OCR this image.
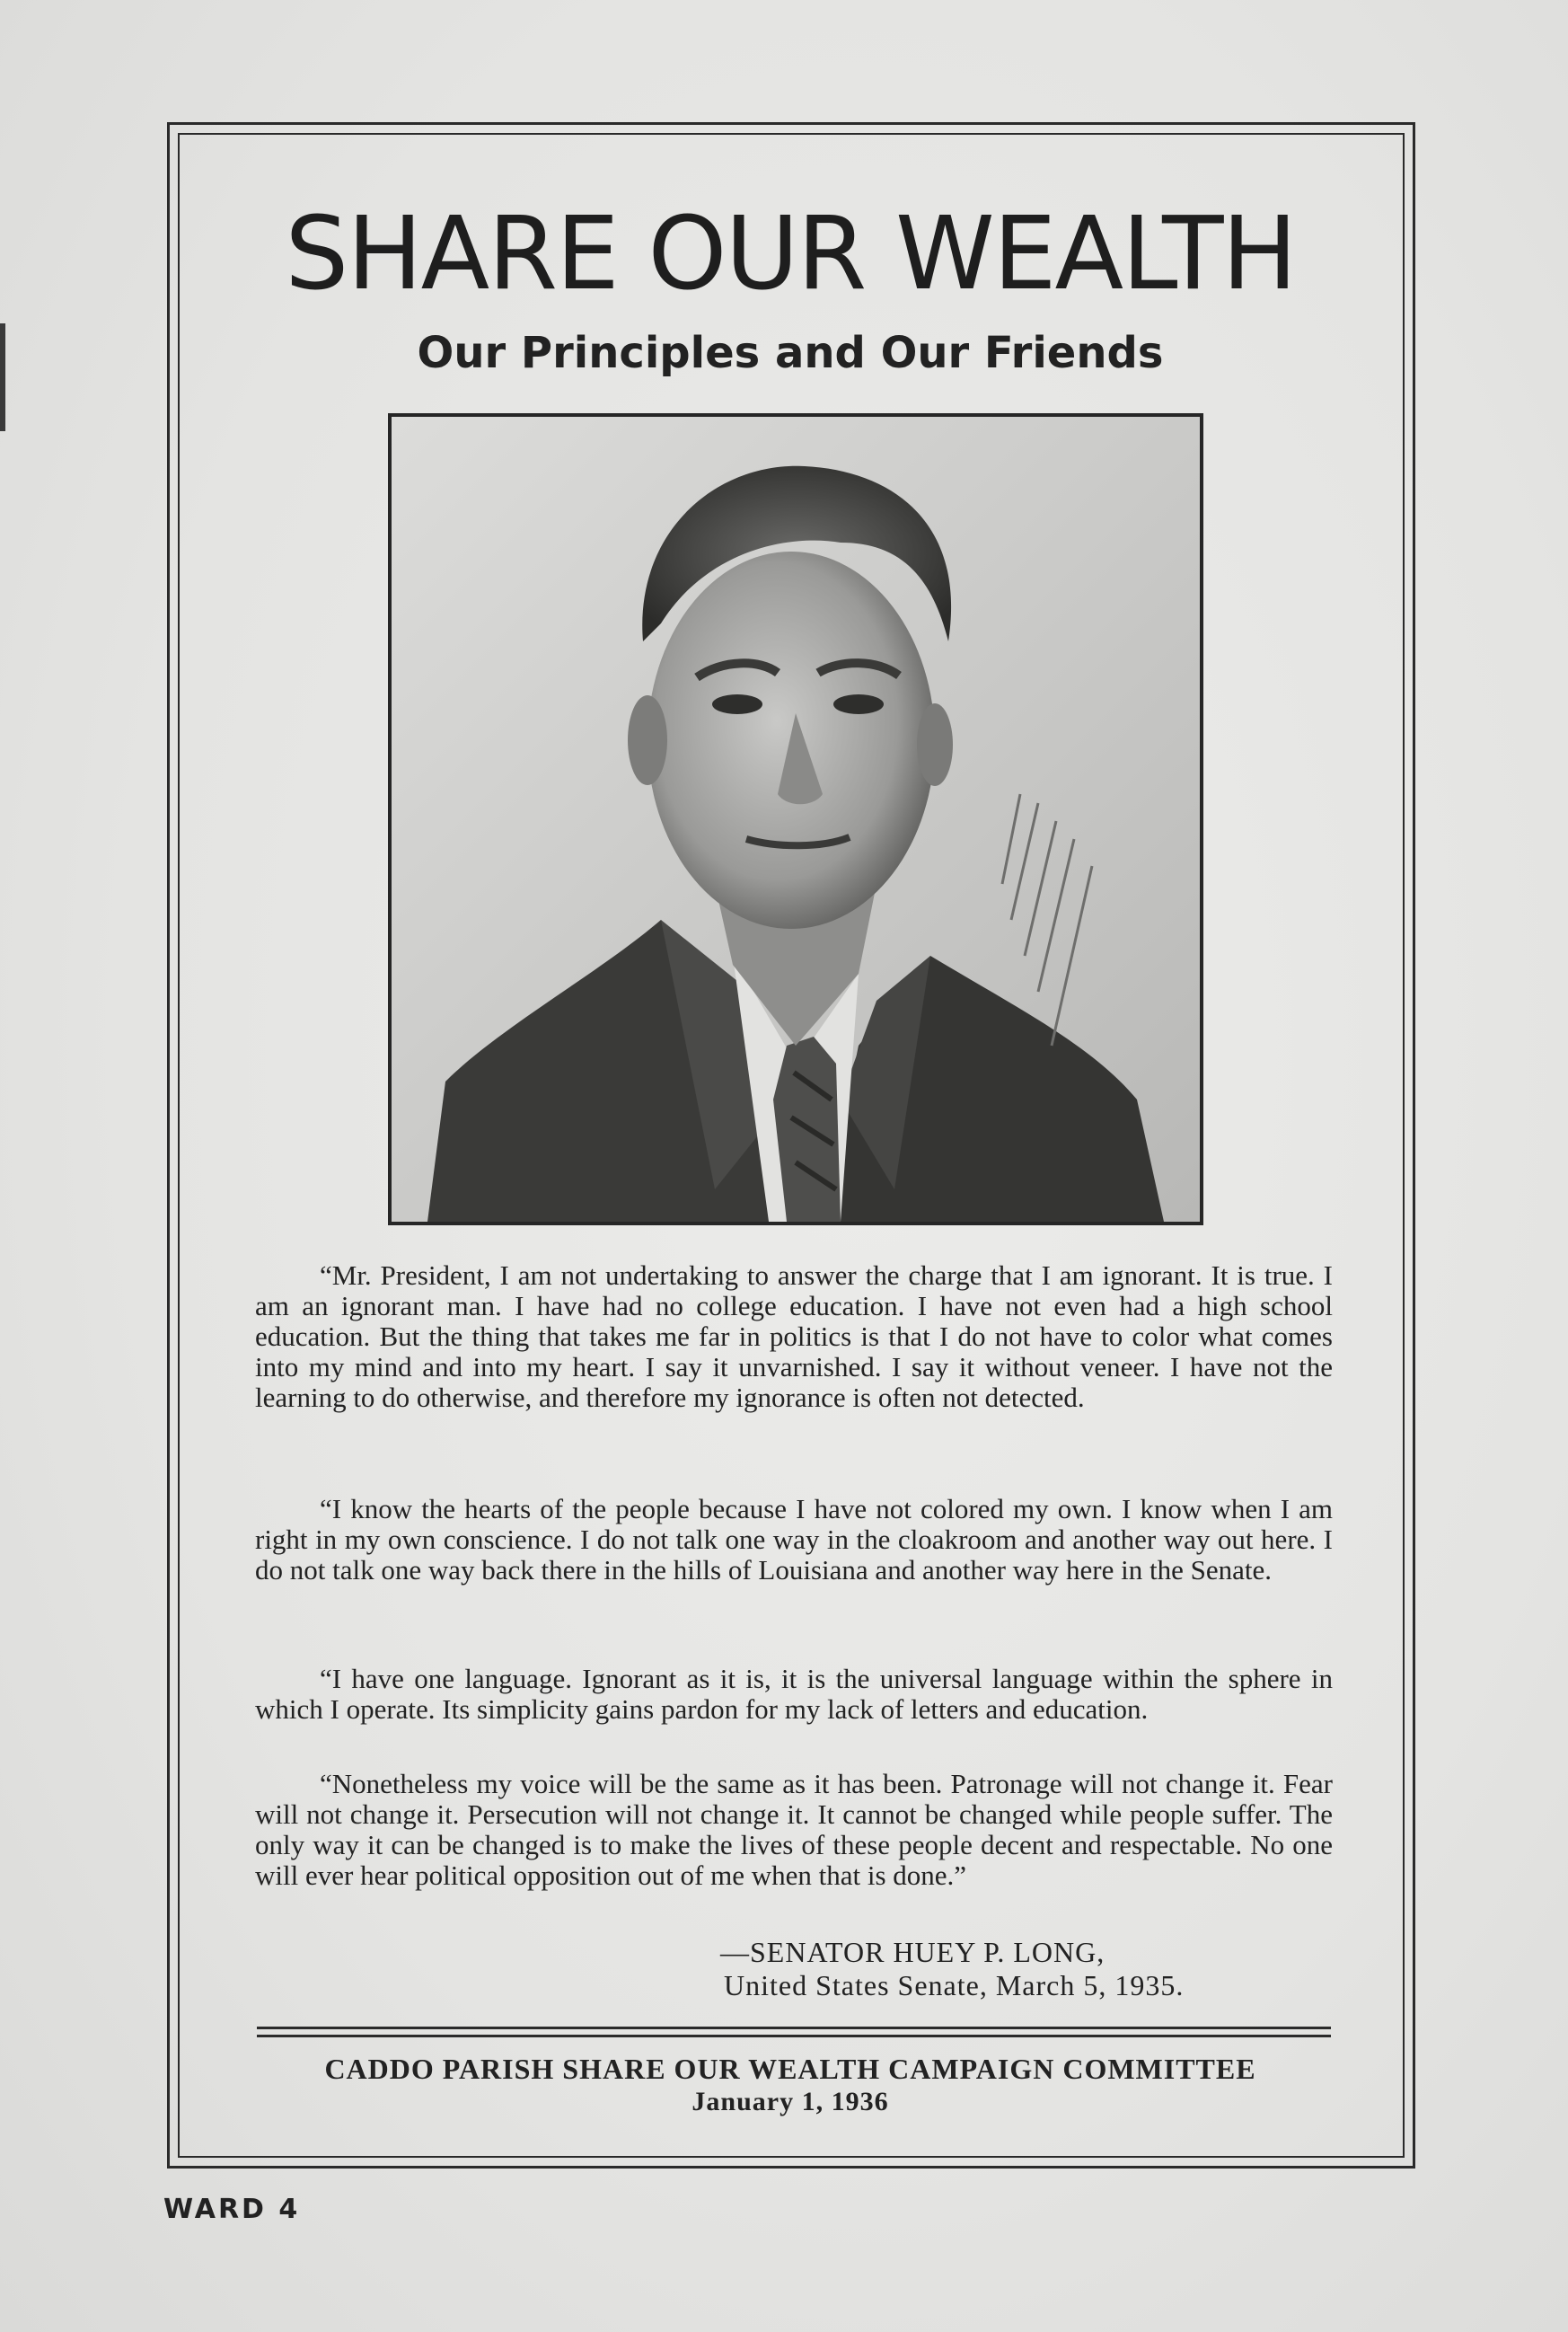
SHARE OUR WEALTH
Our Principles and Our Friends

“Mr. President, I am not undertaking to answer the charge that I am ignorant. It is true. I am an ignorant man. I have had no college education. I have not even had a high school education. But the thing that takes me far in politics is that I do not have to color what comes into my mind and into my heart. I say it unvarnished. I say it without veneer. I have not the learning to do otherwise, and therefore my ignorance is often not detected.

“I know the hearts of the people because I have not colored my own. I know when I am right in my own conscience. I do not talk one way in the cloakroom and another way out here. I do not talk one way back there in the hills of Louisiana and another way here in the Senate.

“I have one language. Ignorant as it is, it is the universal language within the sphere in which I operate. Its simplicity gains pardon for my lack of letters and education.

“Nonetheless my voice will be the same as it has been. Patronage will not change it. Fear will not change it. Persecution will not change it. It cannot be changed while people suffer. The only way it can be changed is to make the lives of these people decent and respectable. No one will ever hear political opposition out of me when that is done.”

—SENATOR HUEY P. LONG,
United States Senate, March 5, 1935.
CADDO PARISH SHARE OUR WEALTH CAMPAIGN COMMITTEE
January 1, 1936
WARD 4
